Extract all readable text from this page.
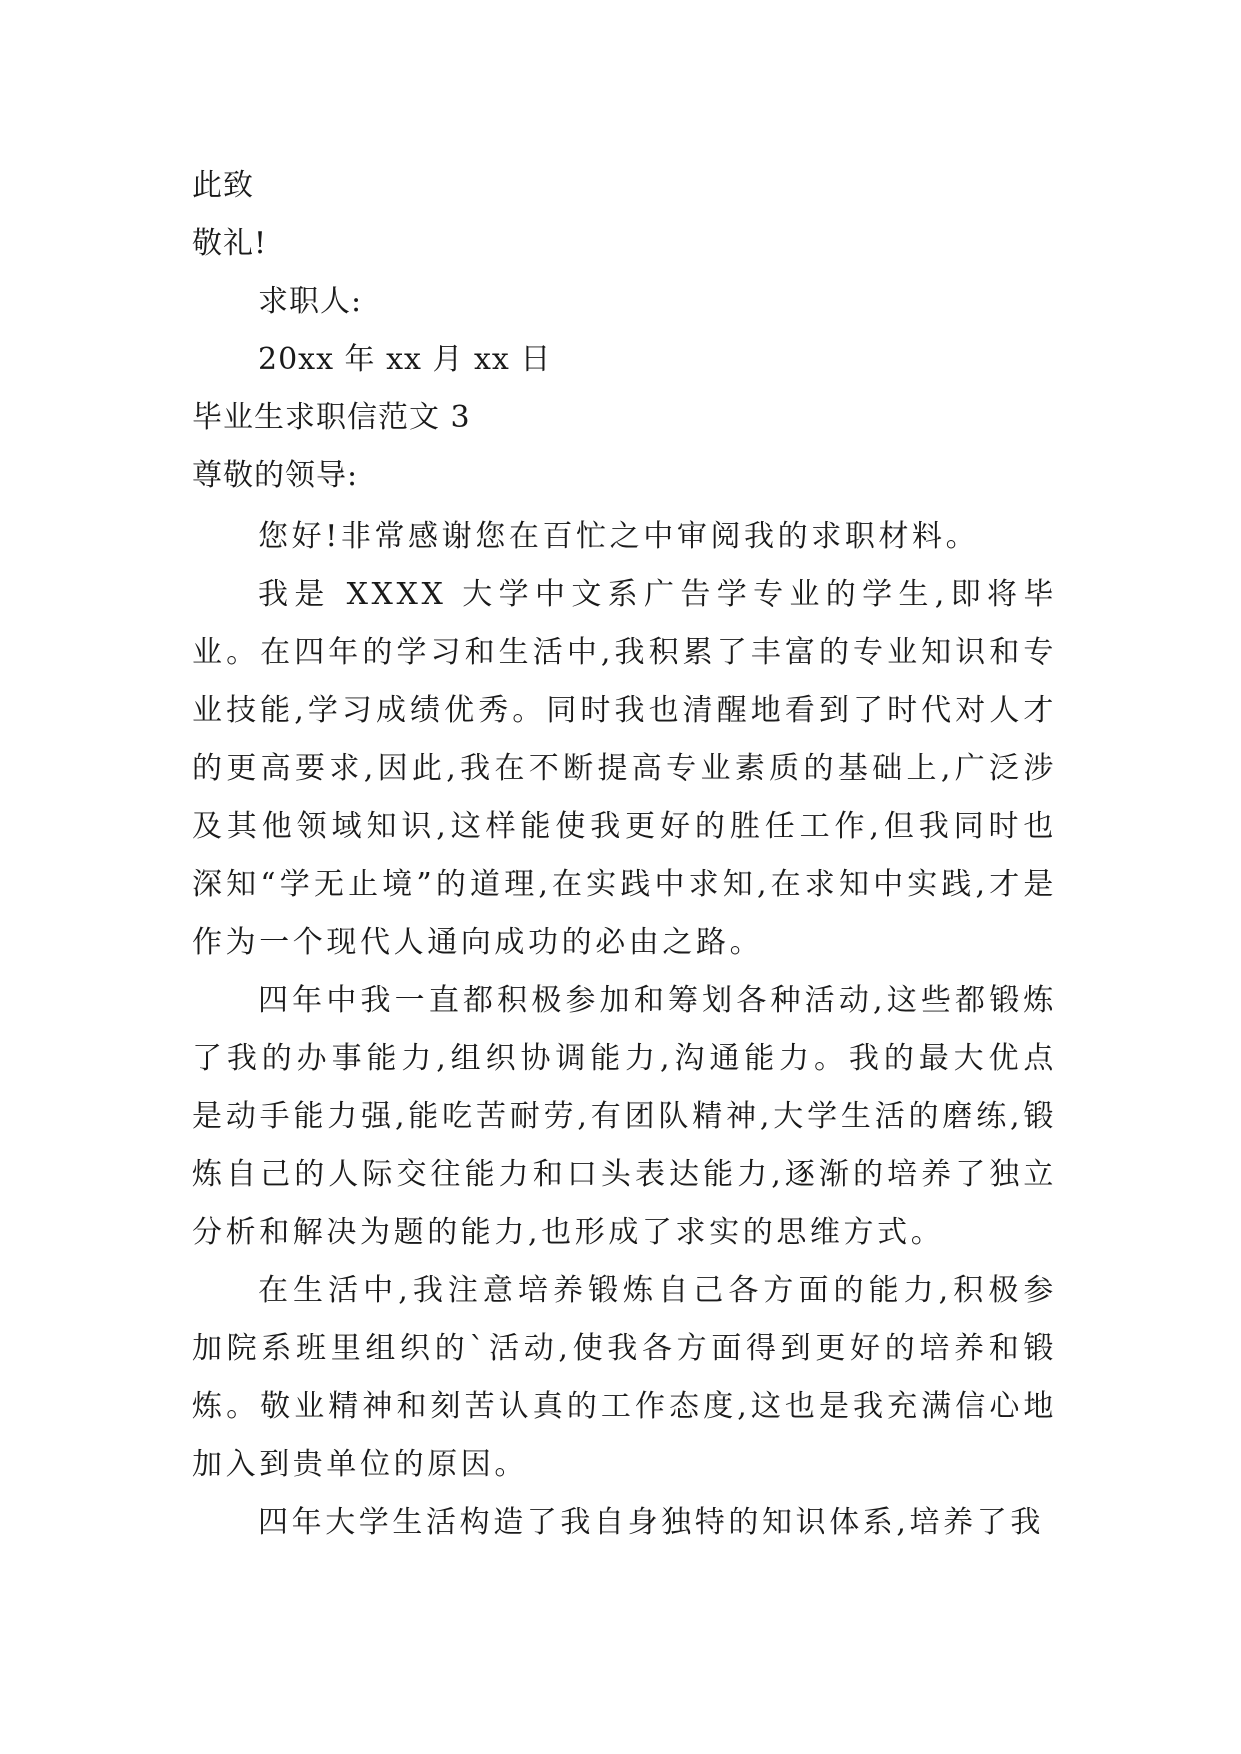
此致
敬礼!
求职人:
20xx 年 xx 月 xx 日
毕业生求职信范文 3
尊敬的领导:

您好!非常感谢您在百忙之中审阅我的求职材料。

我是 XXXX 大学中文系广告学专业的学生,即将毕业。在四年的学习和生活中,我积累了丰富的专业知识和专业技能,学习成绩优秀。同时我也清醒地看到了时代对人才的更高要求,因此,我在不断提高专业素质的基础上,广泛涉及其他领域知识,这样能使我更好的胜任工作,但我同时也深知“学无止境”的道理,在实践中求知,在求知中实践,才是作为一个现代人通向成功的必由之路。

四年中我一直都积极参加和筹划各种活动,这些都锻炼了我的办事能力,组织协调能力,沟通能力。我的最大优点是动手能力强,能吃苦耐劳,有团队精神,大学生活的磨练,锻炼自己的人际交往能力和口头表达能力,逐渐的培养了独立分析和解决为题的能力,也形成了求实的思维方式。

在生活中,我注意培养锻炼自己各方面的能力,积极参加院系班里组织的`活动,使我各方面得到更好的培养和锻炼。敬业精神和刻苦认真的工作态度,这也是我充满信心地加入到贵单位的原因。

四年大学生活构造了我自身独特的知识体系,培养了我
